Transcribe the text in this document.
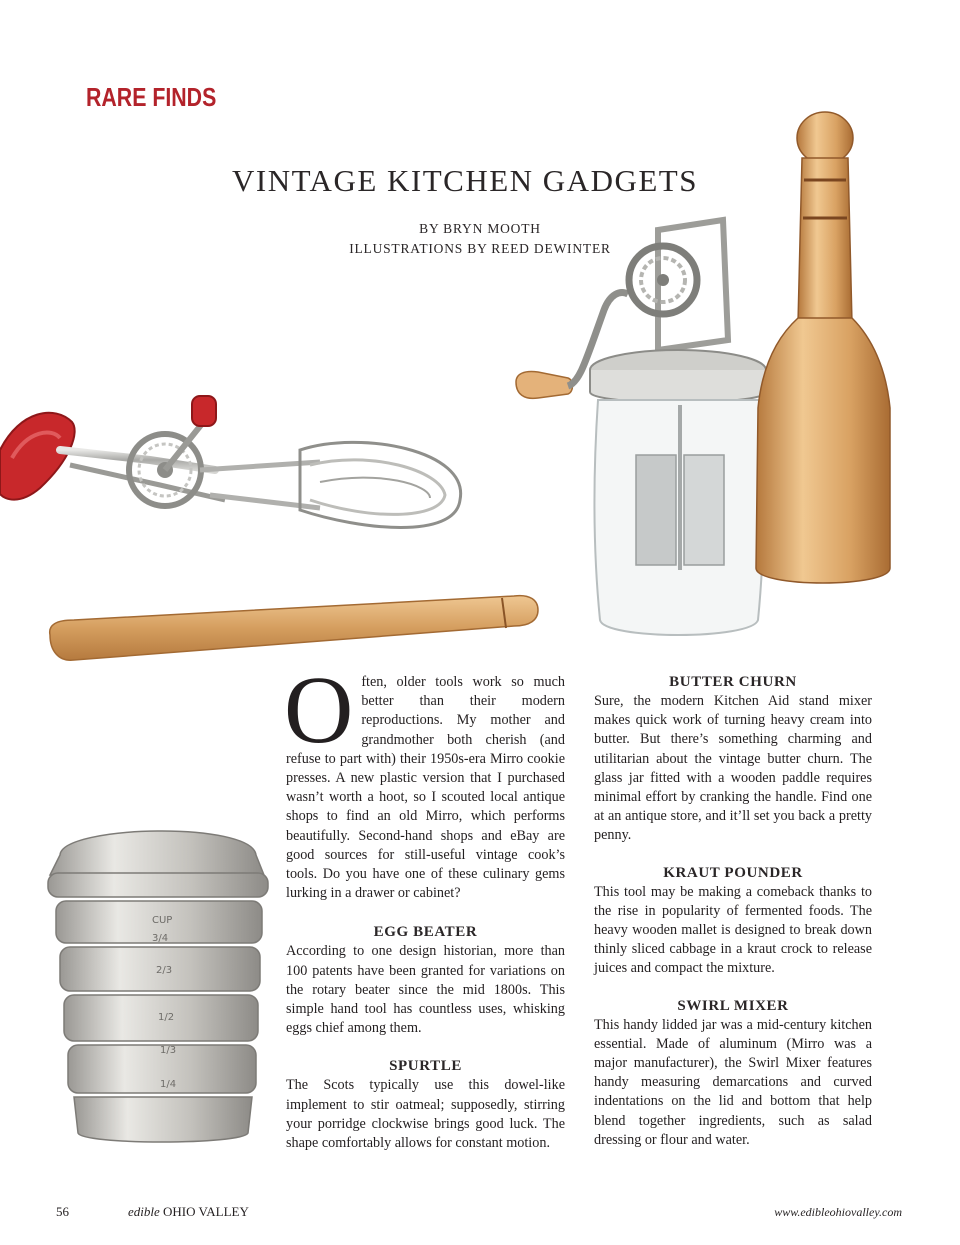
RARE FINDS
VINTAGE KITCHEN GADGETS
BY BRYN MOOTH
ILLUSTRATIONS BY REED DEWINTER
CUP
3/4
2/3
1/2
1/3
1/4

Often, older tools work so much better than their modern reproductions. My mother and grandmother both cherish (and refuse to part with) their 1950s-era Mirro cookie presses. A new plastic version that I purchased wasn’t worth a hoot, so I scouted local antique shops to find an old Mirro, which performs beautifully. Second-hand shops and eBay are good sources for still-useful vintage cook’s tools. Do you have one of these culinary gems lurking in a drawer or cabinet?

EGG BEATER

According to one design historian, more than 100 patents have been granted for variations on the rotary beater since the mid 1800s. This simple hand tool has countless uses, whisking eggs chief among them.

SPURTLE

The Scots typically use this dowel-like implement to stir oatmeal; supposedly, stirring your porridge clockwise brings good luck. The shape comfortably allows for constant motion.

BUTTER CHURN

Sure, the modern Kitchen Aid stand mixer makes quick work of turning heavy cream into butter. But there’s something charming and utilitarian about the vintage butter churn. The glass jar fitted with a wooden paddle requires minimal effort by cranking the handle. Find one at an antique store, and it’ll set you back a pretty penny.

KRAUT POUNDER

This tool may be making a comeback thanks to the rise in popularity of fermented foods. The heavy wooden mallet is designed to break down thinly sliced cabbage in a kraut crock to release juices and compact the mixture.

SWIRL MIXER

This handy lidded jar was a mid-century kitchen essential. Made of aluminum (Mirro was a major manufacturer), the Swirl Mixer features handy measuring demarcations and curved indentations on the lid and bottom that help blend together ingredients, such as salad dressing or flour and water.

56	edible OHIO VALLEY	www.edibleohiovalley.com
